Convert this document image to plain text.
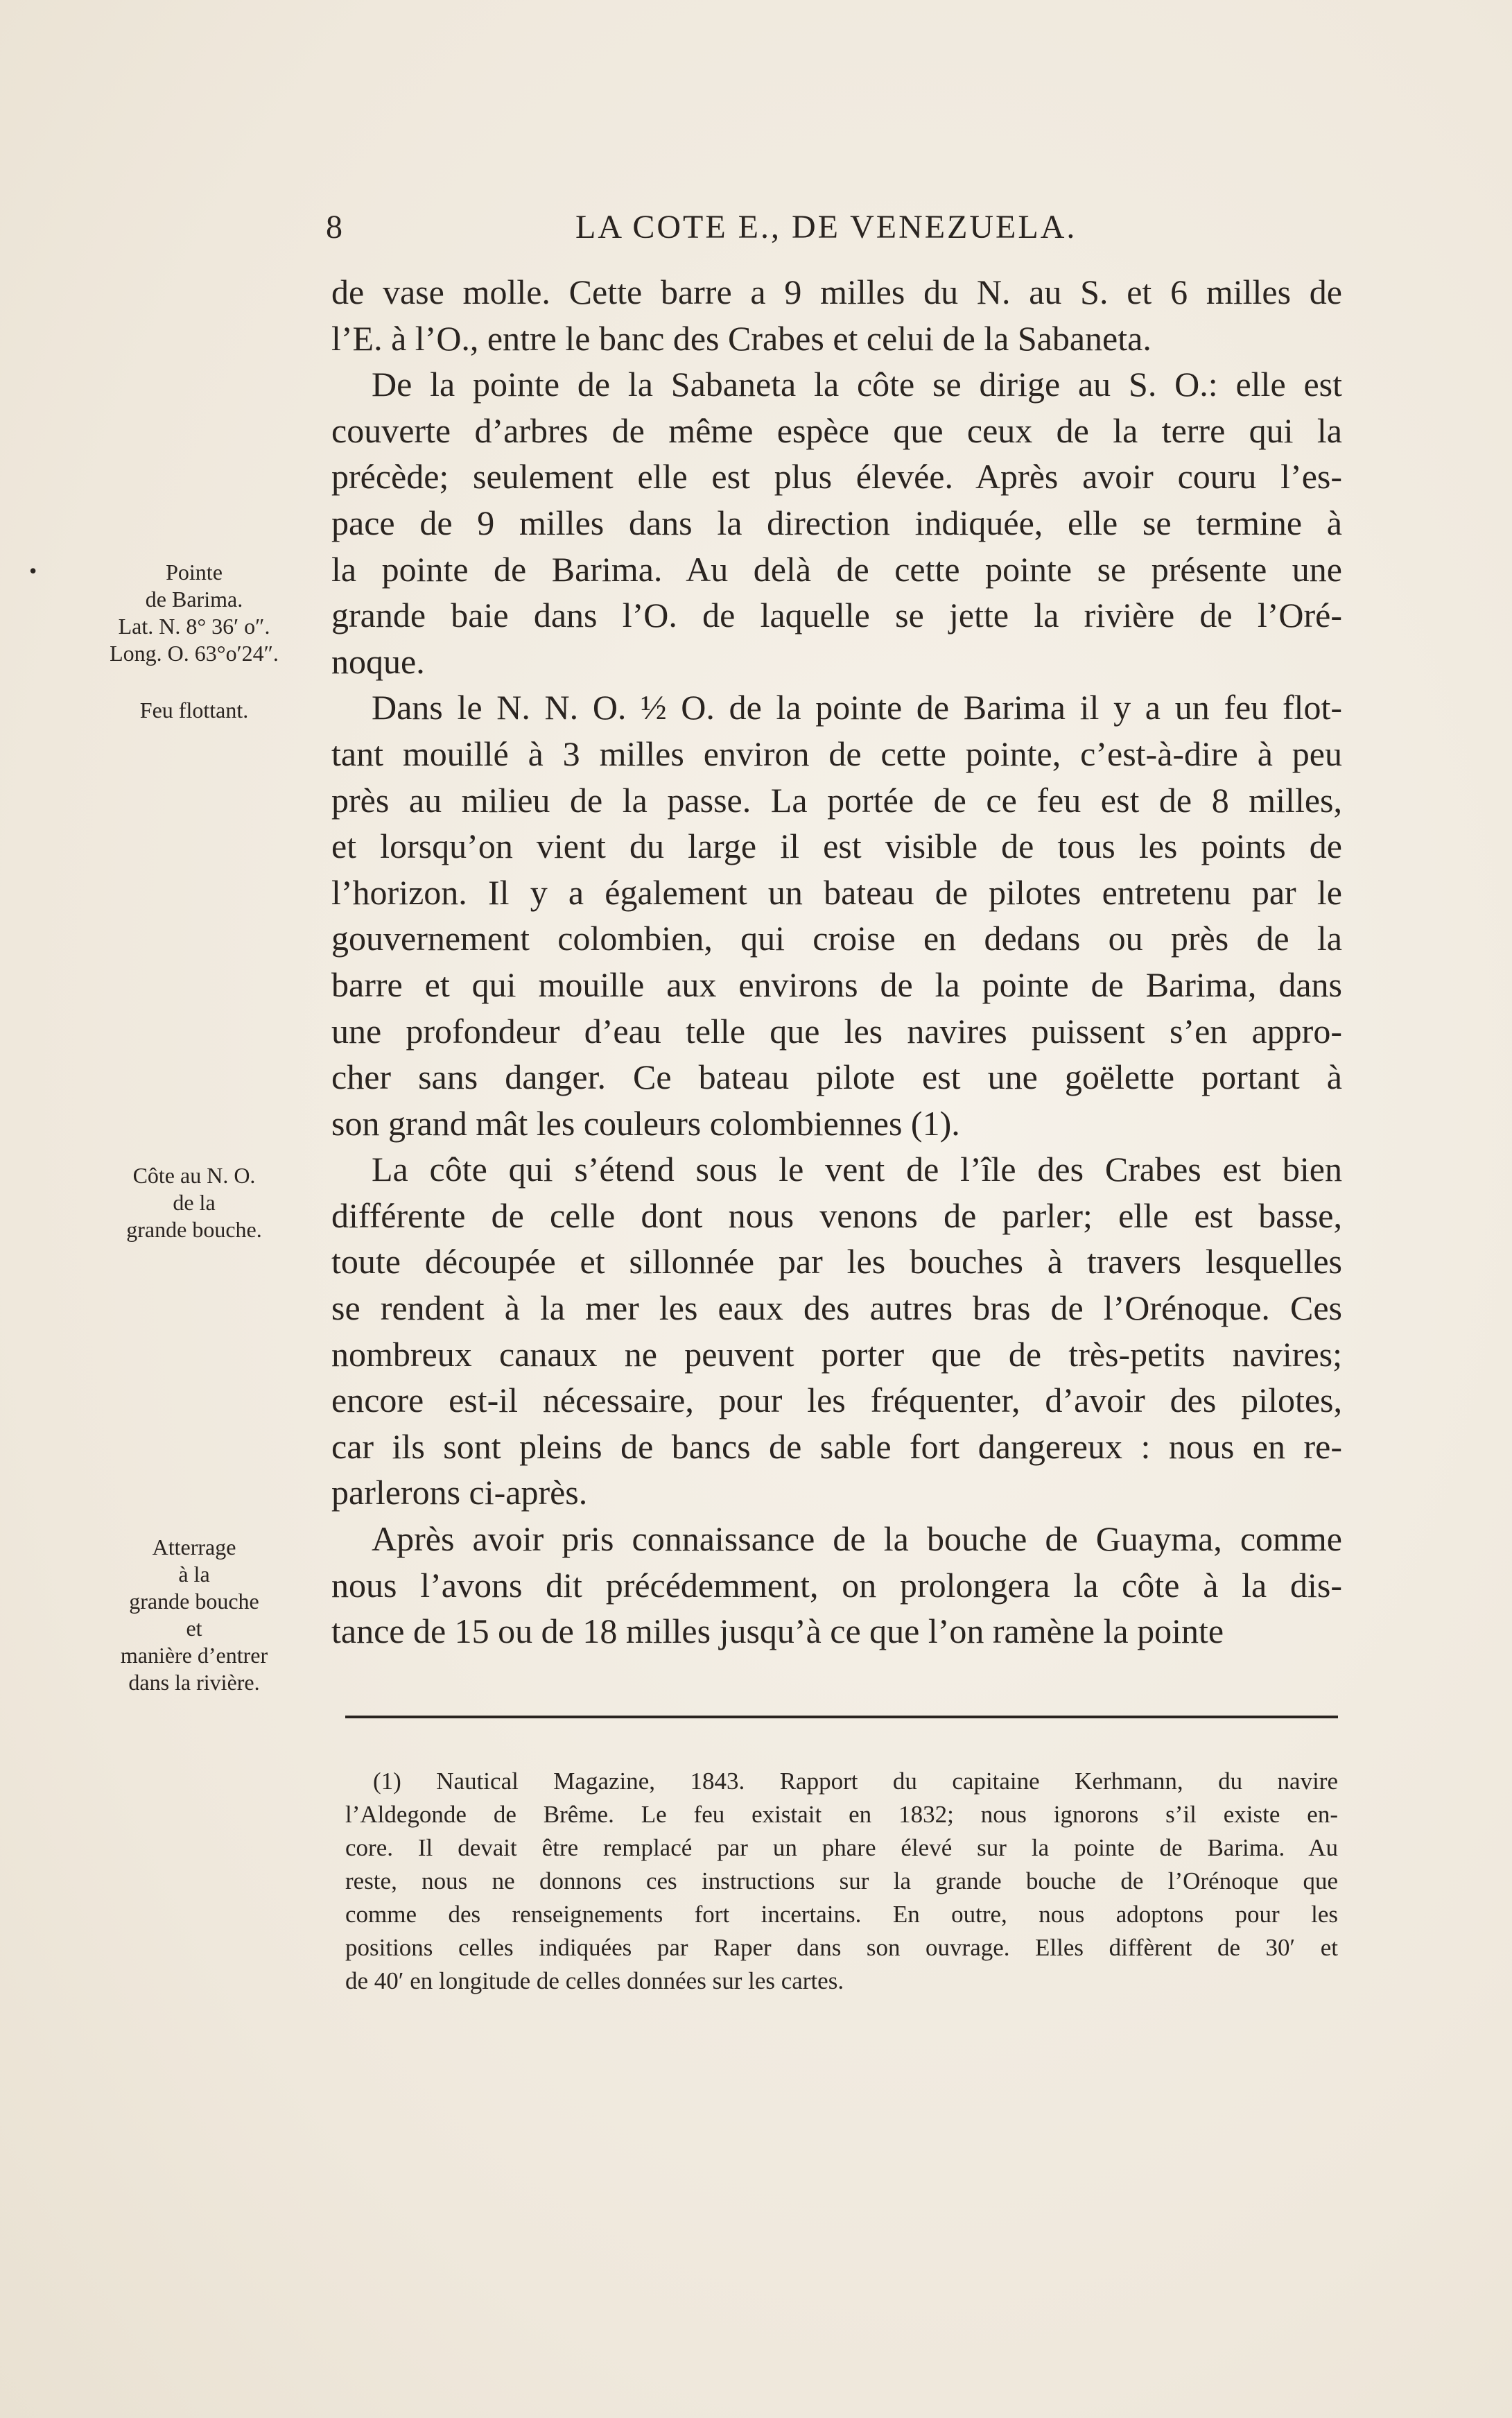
8	LA COTE E., DE VENEZUELA.
•	Pointe
de Barima.
Lat. N. 8° 36′ o″.
Long. O. 63°o′24″.
Feu flottant.
Côte au N. O.
de la
grande bouche.
Atterrage
à la
grande bouche
et
manière d’entrer
dans la rivière.
de vase molle. Cette barre a 9 milles du N. au S. et 6 milles de
l’E. à l’O., entre le banc des Crabes et celui de la Sabaneta.
De la pointe de la Sabaneta la côte se dirige au S. O.: elle est
couverte d’arbres de même espèce que ceux de la terre qui la
précède; seulement elle est plus élevée. Après avoir couru l’es-
pace de 9 milles dans la direction indiquée, elle se termine à
la pointe de Barima. Au delà de cette pointe se présente une
grande baie dans l’O. de laquelle se jette la rivière de l’Oré-
noque.
Dans le N. N. O. ½ O. de la pointe de Barima il y a un feu flot-
tant mouillé à 3 milles environ de cette pointe, c’est-à-dire à peu
près au milieu de la passe. La portée de ce feu est de 8 milles,
et lorsqu’on vient du large il est visible de tous les points de
l’horizon. Il y a également un bateau de pilotes entretenu par le
gouvernement colombien, qui croise en dedans ou près de la
barre et qui mouille aux environs de la pointe de Barima, dans
une profondeur d’eau telle que les navires puissent s’en appro-
cher sans danger. Ce bateau pilote est une goëlette portant à
son grand mât les couleurs colombiennes (1).
La côte qui s’étend sous le vent de l’île des Crabes est bien
différente de celle dont nous venons de parler; elle est basse,
toute découpée et sillonnée par les bouches à travers lesquelles
se rendent à la mer les eaux des autres bras de l’Orénoque. Ces
nombreux canaux ne peuvent porter que de très-petits navires;
encore est-il nécessaire, pour les fréquenter, d’avoir des pilotes,
car ils sont pleins de bancs de sable fort dangereux : nous en re-
parlerons ci-après.
Après avoir pris connaissance de la bouche de Guayma, comme
nous l’avons dit précédemment, on prolongera la côte à la dis-
tance de 15 ou de 18 milles jusqu’à ce que l’on ramène la pointe
(1) Nautical Magazine, 1843. Rapport du capitaine Kerhmann, du navire
l’Aldegonde de Brême. Le feu existait en 1832; nous ignorons s’il existe en-
core. Il devait être remplacé par un phare élevé sur la pointe de Barima. Au
reste, nous ne donnons ces instructions sur la grande bouche de l’Orénoque que
comme des renseignements fort incertains. En outre, nous adoptons pour les
positions celles indiquées par Raper dans son ouvrage. Elles diffèrent de 30′ et
de 40′ en longitude de celles données sur les cartes.
